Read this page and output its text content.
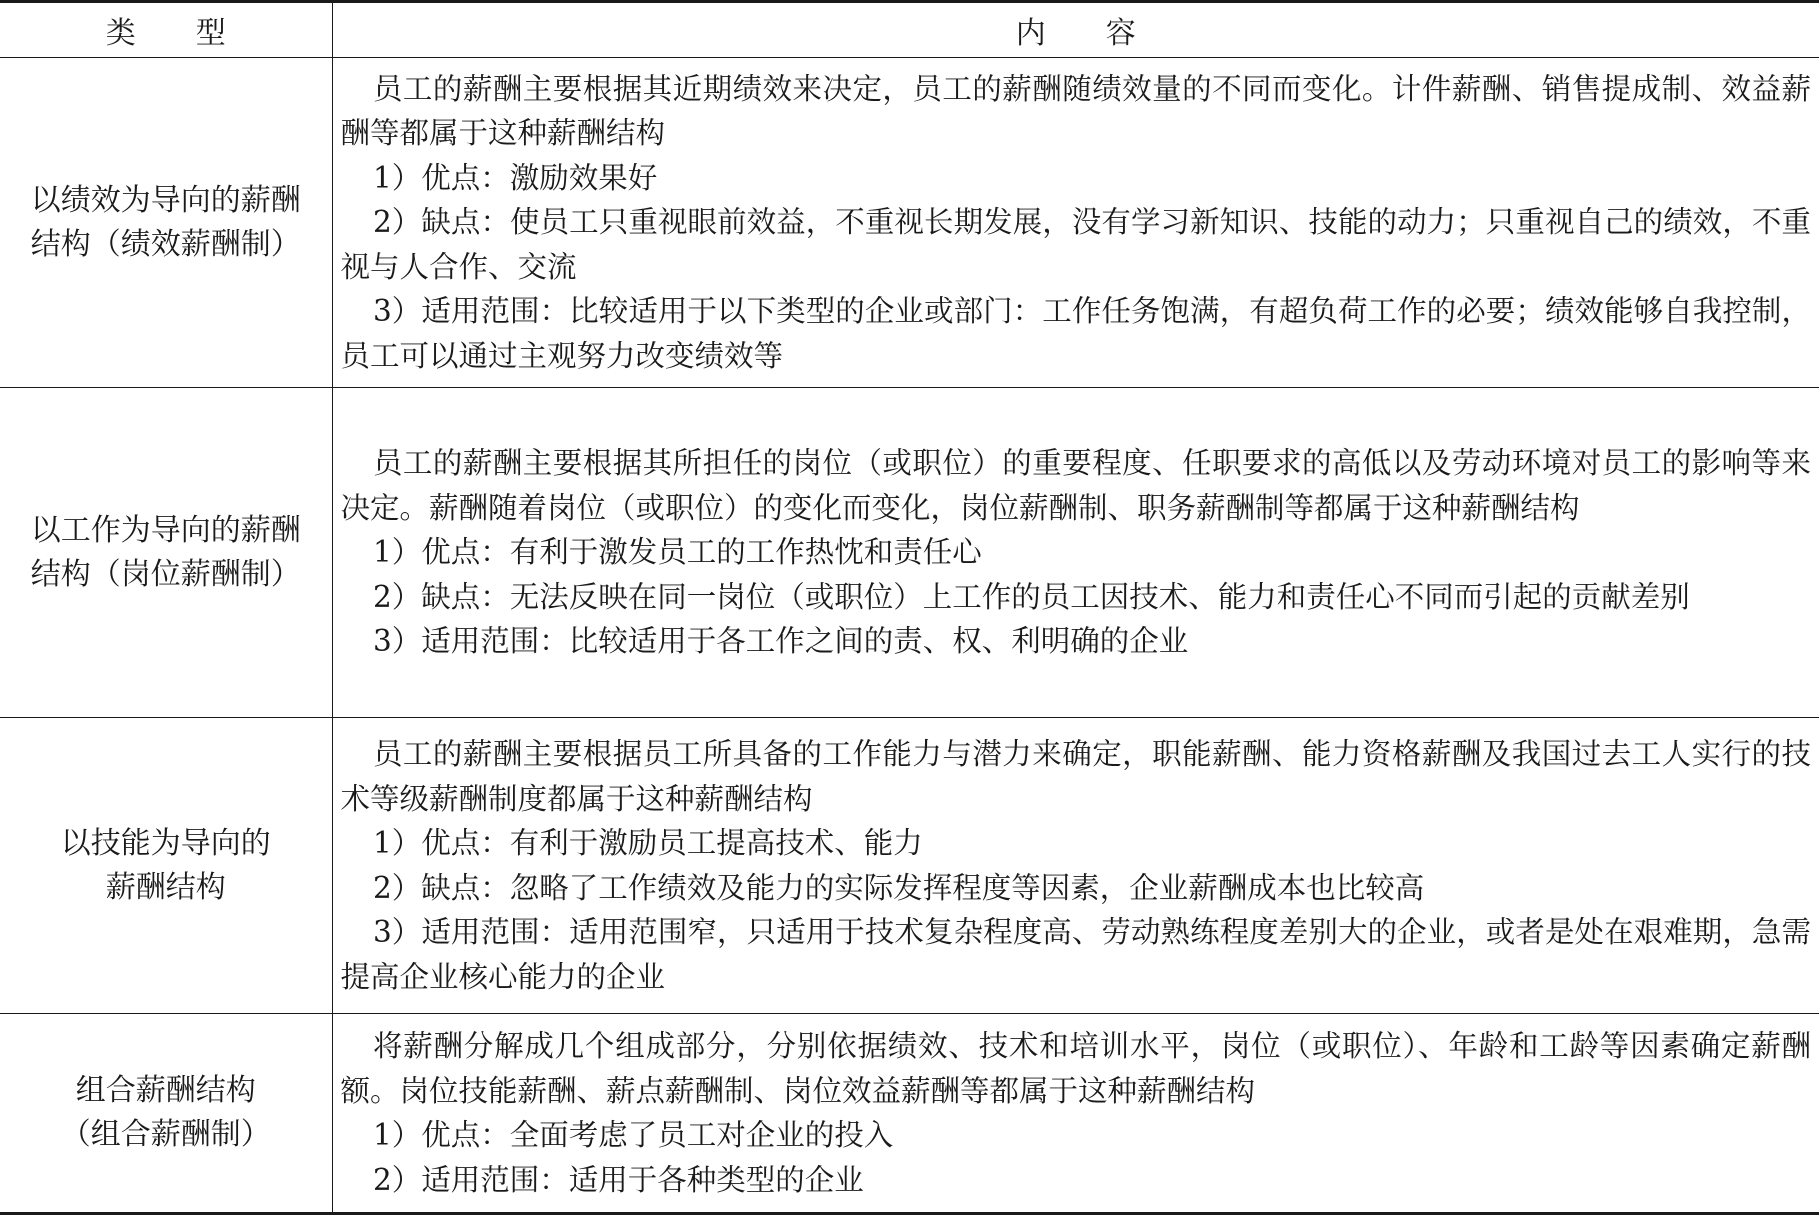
类　　型	内　　容

以绩效为导向的薪酬
结构（绩效薪酬制）	员工的薪酬主要根据其近期绩效来决定，员工的薪酬随绩效量的不同而变化。计件薪酬、销售提成制、效益薪酬等都属于这种薪酬结构
1）优点：激励效果好
2）缺点：使员工只重视眼前效益，不重视长期发展，没有学习新知识、技能的动力；只重视自己的绩效，不重视与人合作、交流
3）适用范围：比较适用于以下类型的企业或部门：工作任务饱满，有超负荷工作的必要；绩效能够自我控制，员工可以通过主观努力改变绩效等

以工作为导向的薪酬
结构（岗位薪酬制）	员工的薪酬主要根据其所担任的岗位（或职位）的重要程度、任职要求的高低以及劳动环境对员工的影响等来决定。薪酬随着岗位（或职位）的变化而变化，岗位薪酬制、职务薪酬制等都属于这种薪酬结构
1）优点：有利于激发员工的工作热忱和责任心
2）缺点：无法反映在同一岗位（或职位）上工作的员工因技术、能力和责任心不同而引起的贡献差别
3）适用范围：比较适用于各工作之间的责、权、利明确的企业

以技能为导向的
薪酬结构	员工的薪酬主要根据员工所具备的工作能力与潜力来确定，职能薪酬、能力资格薪酬及我国过去工人实行的技术等级薪酬制度都属于这种薪酬结构
1）优点：有利于激励员工提高技术、能力
2）缺点：忽略了工作绩效及能力的实际发挥程度等因素，企业薪酬成本也比较高
3）适用范围：适用范围窄，只适用于技术复杂程度高、劳动熟练程度差别大的企业，或者是处在艰难期，急需提高企业核心能力的企业

组合薪酬结构
（组合薪酬制）	将薪酬分解成几个组成部分，分别依据绩效、技术和培训水平，岗位（或职位）、年龄和工龄等因素确定薪酬额。岗位技能薪酬、薪点薪酬制、岗位效益薪酬等都属于这种薪酬结构
1）优点：全面考虑了员工对企业的投入
2）适用范围：适用于各种类型的企业
